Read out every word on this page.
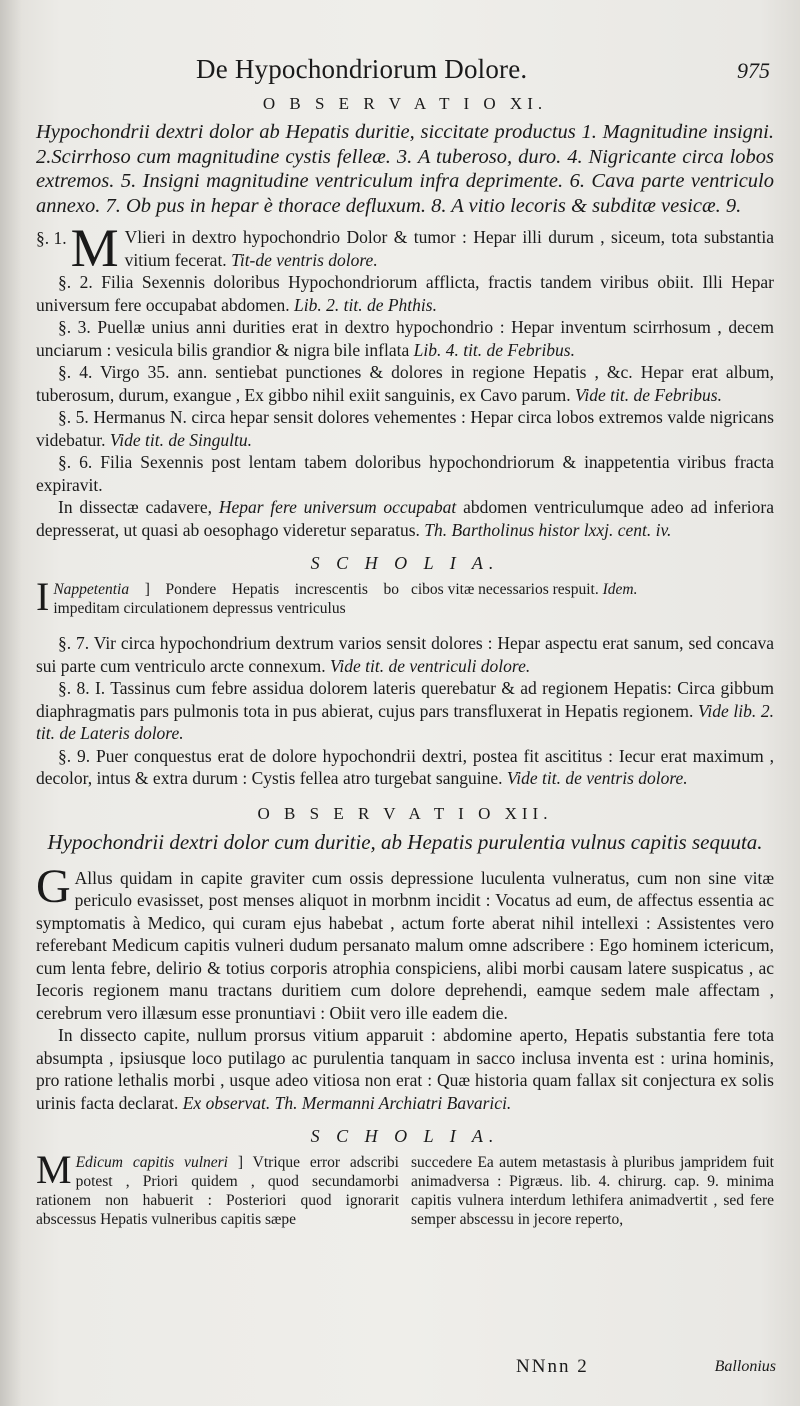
De Hypochondriorum Dolore.	975
O B S E R V A T I O XI.
Hypochondrii dextri dolor ab Hepatis duritie, siccitate productus 1. Magnitudine insigni. 2.Scirrhoso cum magnitudine cystis felleæ. 3. A tuberoso, duro. 4. Nigricante circa lobos extremos. 5. Insigni magnitudine ventriculum infra deprimente. 6. Cava parte ventriculo annexo. 7. Ob pus in hepar è thorace defluxum. 8. A vitio lecoris & subditæ vesicæ. 9.
§. 1. M Vlieri in dextro hypochondrio Dolor & tumor : Hepar illi durum , siceum, tota substantia vitium fecerat. Tit-de ventris dolore.

§. 2. Filia Sexennis doloribus Hypochondriorum afflicta, fractis tandem viribus obiit. Illi Hepar universum fere occupabat abdomen. Lib. 2. tit. de Phthis.

§. 3. Puellæ unius anni durities erat in dextro hypochondrio : Hepar inventum scirrhosum , decem unciarum : vesicula bilis grandior & nigra bile inflata Lib. 4. tit. de Febribus.

§. 4. Virgo 35. ann. sentiebat punctiones & dolores in regione Hepatis , &c. Hepar erat album, tuberosum, durum, exangue , Ex gibbo nihil exiit sanguinis, ex Cavo parum. Vide tit. de Febribus.

§. 5. Hermanus N. circa hepar sensit dolores vehementes : Hepar circa lobos extremos valde nigricans videbatur. Vide tit. de Singultu.

§. 6. Filia Sexennis post lentam tabem doloribus hypochondriorum & inappetentia viribus fracta expiravit.

In dissectæ cadavere, Hepar fere universum occupabat abdomen ventriculumque adeo ad inferiora depresserat, ut quasi ab oesophago videretur separatus. Th. Bartholinus histor lxxj. cent. iv.

S C H O L I A.
I Nappetentia ] Pondere Hepatis increscentis bo impeditam circulationem depressus ventriculus
cibos vitæ necessarios respuit. Idem.

§. 7. Vir circa hypochondrium dextrum varios sensit dolores : Hepar aspectu erat sanum, sed concava sui parte cum ventriculo arcte connexum. Vide tit. de ventriculi dolore.

§. 8. I. Tassinus cum febre assidua dolorem lateris querebatur & ad regionem Hepatis: Circa gibbum diaphragmatis pars pulmonis tota in pus abierat, cujus pars transfluxerat in Hepatis regionem. Vide lib. 2. tit. de Lateris dolore.

§. 9. Puer conquestus erat de dolore hypochondrii dextri, postea fit ascititus : Iecur erat maximum , decolor, intus & extra durum : Cystis fellea atro turgebat sanguine. Vide tit. de ventris dolore.

O B S E R V A T I O XII.
Hypochondrii dextri dolor cum duritie, ab Hepatis purulentia vulnus capitis sequuta.

G Allus quidam in capite graviter cum ossis depressione luculenta vulneratus, cum non sine vitæ periculo evasisset, post menses aliquot in morbnm incidit : Vocatus ad eum, de affectus essentia ac symptomatis à Medico, qui curam ejus habebat , actum forte aberat nihil intellexi : Assistentes vero referebant Medicum capitis vulneri dudum persanato malum omne adscribere : Ego hominem ictericum, cum lenta febre, delirio & totius corporis atrophia conspiciens, alibi morbi causam latere suspicatus , ac Iecoris regionem manu tractans duritiem cum dolore deprehendi, eamque sedem male affectam , cerebrum vero illæsum esse pronuntiavi : Obiit vero ille eadem die.

In dissecto capite, nullum prorsus vitium apparuit : abdomine aperto, Hepatis substantia fere tota absumpta , ipsiusque loco putilago ac purulentia tanquam in sacco inclusa inventa est : urina hominis, pro ratione lethalis morbi , usque adeo vitiosa non erat : Quæ historia quam fallax sit conjectura ex solis urinis facta declarat. Ex observat. Th. Mermanni Archiatri Bavarici.

S C H O L I A.
M Edicum capitis vulneri ] Vtrique error adscribi potest , Priori quidem , quod secundamorbi rationem non habuerit : Posteriori quod ignorarit abscessus Hepatis vulneribus capitis sæpe
succedere Ea autem metastasis à pluribus jampridem fuit animadversa : Pigræus. lib. 4. chirurg. cap. 9. minima capitis vulnera interdum lethifera animadvertit , sed fere semper abscessu in jecore reperto,
NNnn 2	Ballonius
